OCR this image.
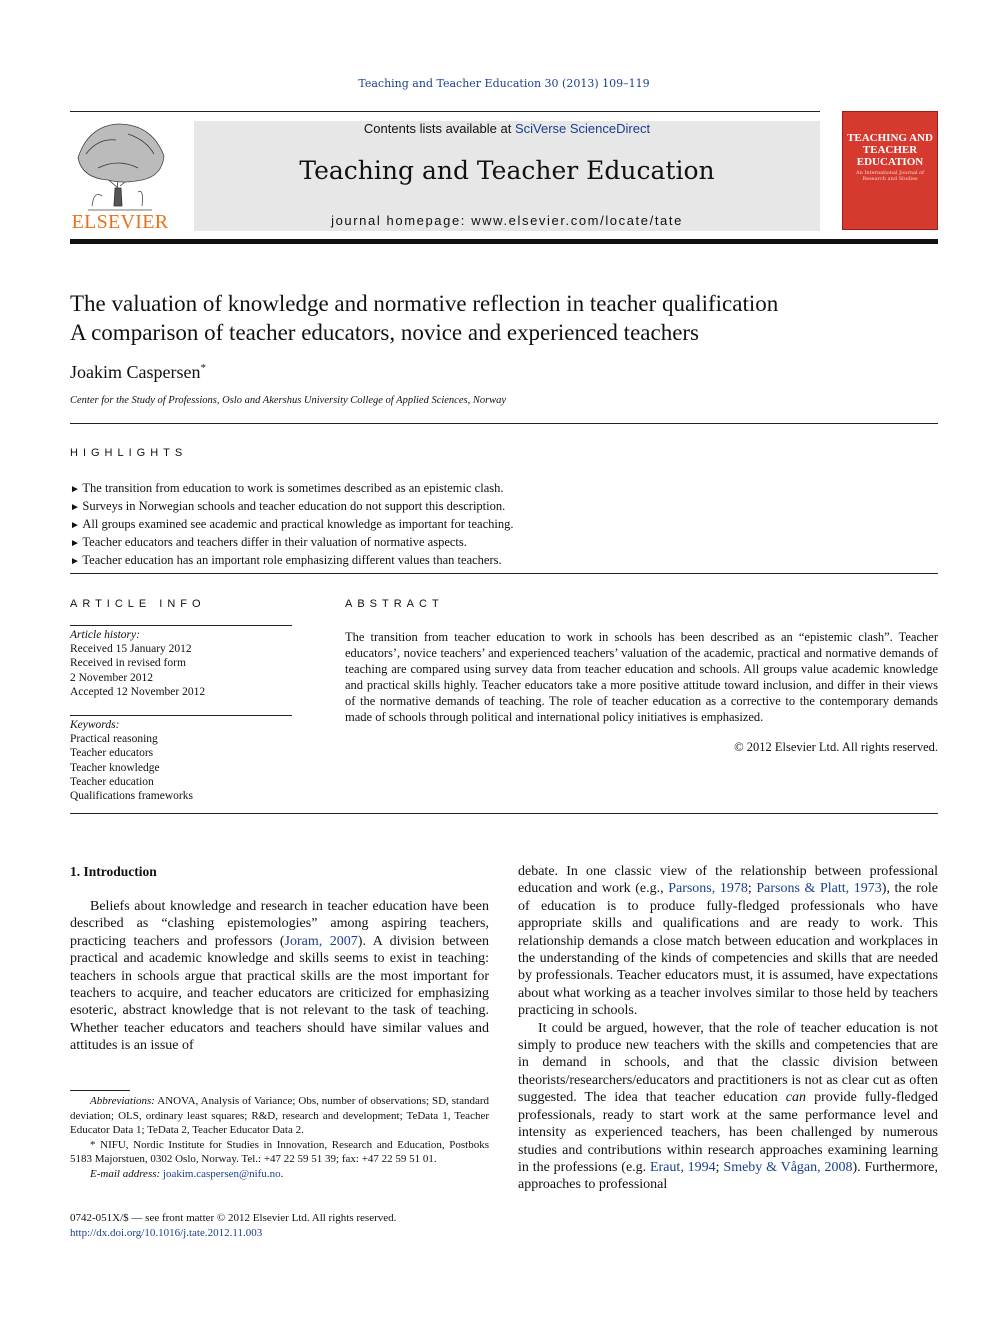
Teaching and Teacher Education 30 (2013) 109–119
ELSEVIER
Contents lists available at SciVerse ScienceDirect
Teaching and Teacher Education
journal homepage: www.elsevier.com/locate/tate
TEACHING AND TEACHER EDUCATION
An International Journal of Research and Studies
The valuation of knowledge and normative reflection in teacher qualification
A comparison of teacher educators, novice and experienced teachers
Joakim Caspersen*
Center for the Study of Professions, Oslo and Akershus University College of Applied Sciences, Norway
HIGHLIGHTS
► The transition from education to work is sometimes described as an epistemic clash.
► Surveys in Norwegian schools and teacher education do not support this description.
► All groups examined see academic and practical knowledge as important for teaching.
► Teacher educators and teachers differ in their valuation of normative aspects.
► Teacher education has an important role emphasizing different values than teachers.
ARTICLE INFO
Article history:
Received 15 January 2012
Received in revised form
2 November 2012
Accepted 12 November 2012
Keywords:
Practical reasoning
Teacher educators
Teacher knowledge
Teacher education
Qualifications frameworks
ABSTRACT
The transition from teacher education to work in schools has been described as an “epistemic clash”. Teacher educators’, novice teachers’ and experienced teachers’ valuation of the academic, practical and normative demands of teaching are compared using survey data from teacher education and schools. All groups value academic knowledge and practical skills highly. Teacher educators take a more positive attitude toward inclusion, and differ in their views of the normative demands of teaching. The role of teacher education as a corrective to the contemporary demands made of schools through political and international policy initiatives is emphasized.
© 2012 Elsevier Ltd. All rights reserved.
1. Introduction

Beliefs about knowledge and research in teacher education have been described as “clashing epistemologies” among aspiring teachers, practicing teachers and professors (Joram, 2007). A division between practical and academic knowledge and skills seems to exist in teaching: teachers in schools argue that practical skills are the most important for teachers to acquire, and teacher educators are criticized for emphasizing esoteric, abstract knowledge that is not relevant to the task of teaching. Whether teacher educators and teachers should have similar values and attitudes is an issue of

Abbreviations: ANOVA, Analysis of Variance; Obs, number of observations; SD, standard deviation; OLS, ordinary least squares; R&D, research and development; TeData 1, Teacher Educator Data 1; TeData 2, Teacher Educator Data 2.

* NIFU, Nordic Institute for Studies in Innovation, Research and Education, Postboks 5183 Majorstuen, 0302 Oslo, Norway. Tel.: +47 22 59 51 39; fax: +47 22 59 51 01.

E-mail address: joakim.caspersen@nifu.no.

0742-051X/$ — see front matter © 2012 Elsevier Ltd. All rights reserved.
http://dx.doi.org/10.1016/j.tate.2012.11.003

debate. In one classic view of the relationship between professional education and work (e.g., Parsons, 1978; Parsons & Platt, 1973), the role of education is to produce fully-fledged professionals who have appropriate skills and qualifications and are ready to work. This relationship demands a close match between education and workplaces in the understanding of the kinds of competencies and skills that are needed by professionals. Teacher educators must, it is assumed, have expectations about what working as a teacher involves similar to those held by teachers practicing in schools.

It could be argued, however, that the role of teacher education is not simply to produce new teachers with the skills and competencies that are in demand in schools, and that the classic division between theorists/researchers/educators and practitioners is not as clear cut as often suggested. The idea that teacher education can provide fully-fledged professionals, ready to start work at the same performance level and intensity as experienced teachers, has been challenged by numerous studies and contributions within research approaches examining learning in the professions (e.g. Eraut, 1994; Smeby & Vågan, 2008). Furthermore, approaches to professional
